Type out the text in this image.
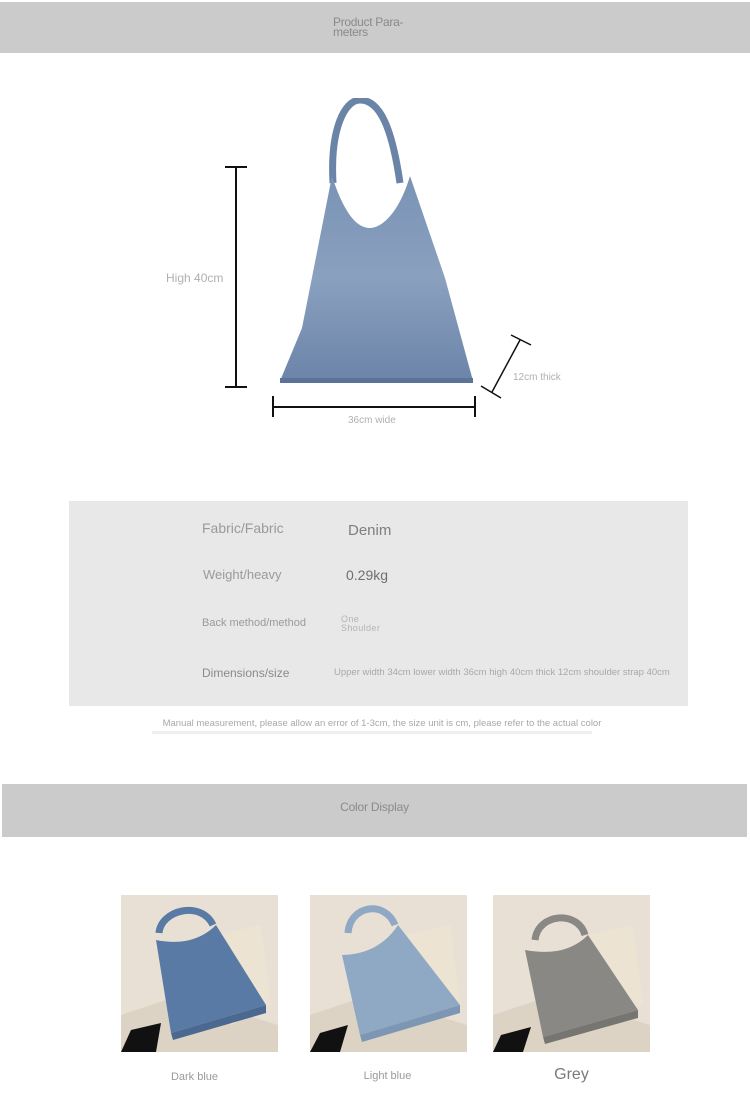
Product Para-
meters
High 40cm
36cm wide
12cm thick
Fabric/Fabric	Denim
Weight/heavy	0.29kg
Back method/method	One
Shoulder
Dimensions/size	Upper width 34cm lower width 36cm high 40cm thick 12cm shoulder strap 40cm
Manual measurement, please allow an error of 1-3cm, the size unit is cm, please refer to the actual color
Color Display
Dark blue	Light blue	Grey
